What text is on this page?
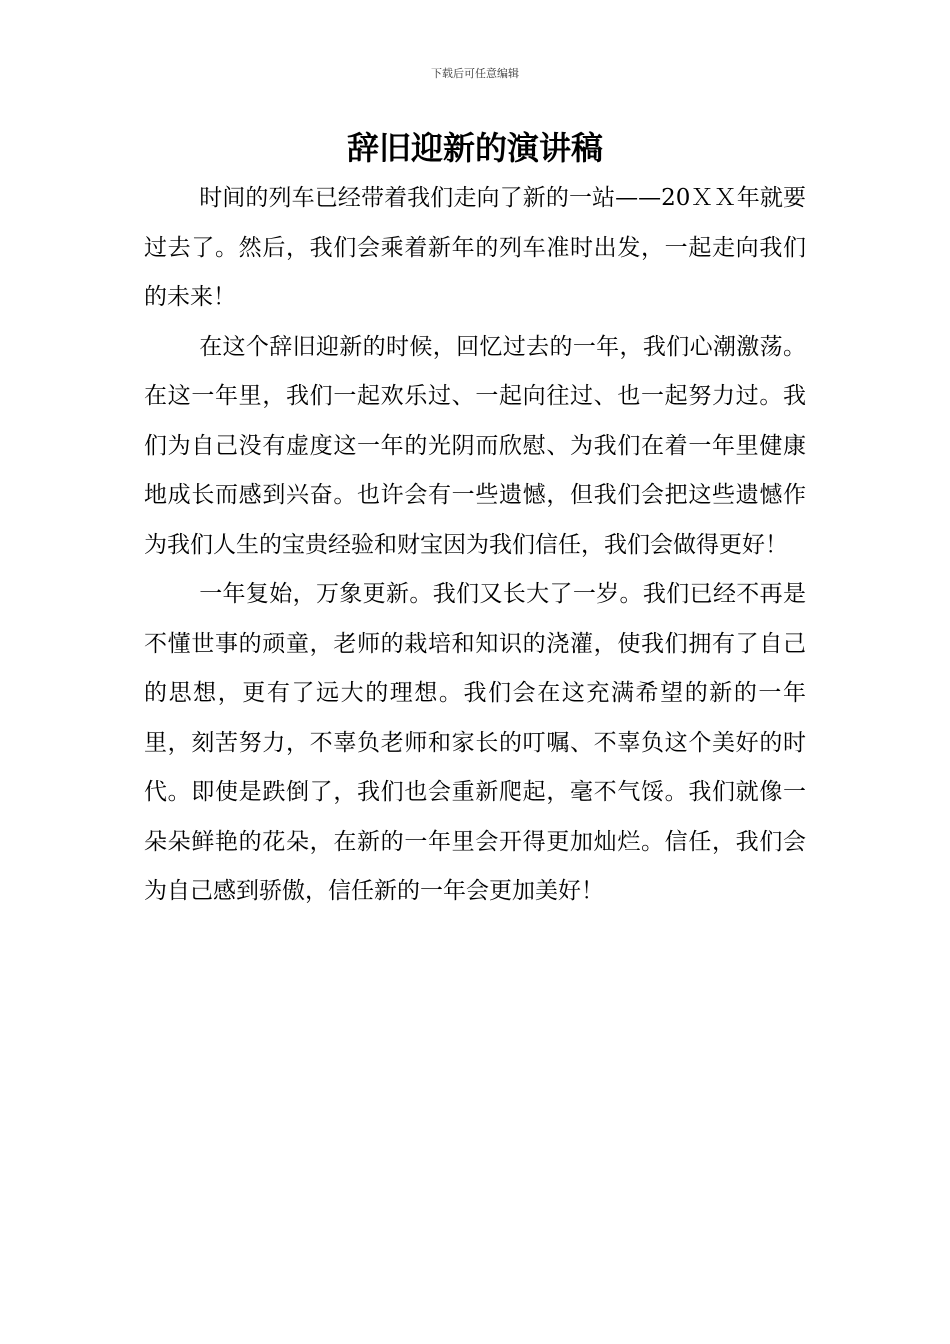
下载后可任意编辑
辞旧迎新的演讲稿

时间的列车已经带着我们走向了新的一站——20ＸＸ年就要过去了。然后，我们会乘着新年的列车准时出发，一起走向我们的未来！

在这个辞旧迎新的时候，回忆过去的一年，我们心潮激荡。在这一年里，我们一起欢乐过、一起向往过、也一起努力过。我们为自己没有虚度这一年的光阴而欣慰、为我们在着一年里健康地成长而感到兴奋。也许会有一些遗憾，但我们会把这些遗憾作为我们人生的宝贵经验和财宝因为我们信任，我们会做得更好！

一年复始，万象更新。我们又长大了一岁。我们已经不再是不懂世事的顽童，老师的栽培和知识的浇灌，使我们拥有了自己的思想，更有了远大的理想。我们会在这充满希望的新的一年里，刻苦努力，不辜负老师和家长的叮嘱、不辜负这个美好的时代。即使是跌倒了，我们也会重新爬起，毫不气馁。我们就像一朵朵鲜艳的花朵，在新的一年里会开得更加灿烂。信任，我们会为自己感到骄傲，信任新的一年会更加美好！
